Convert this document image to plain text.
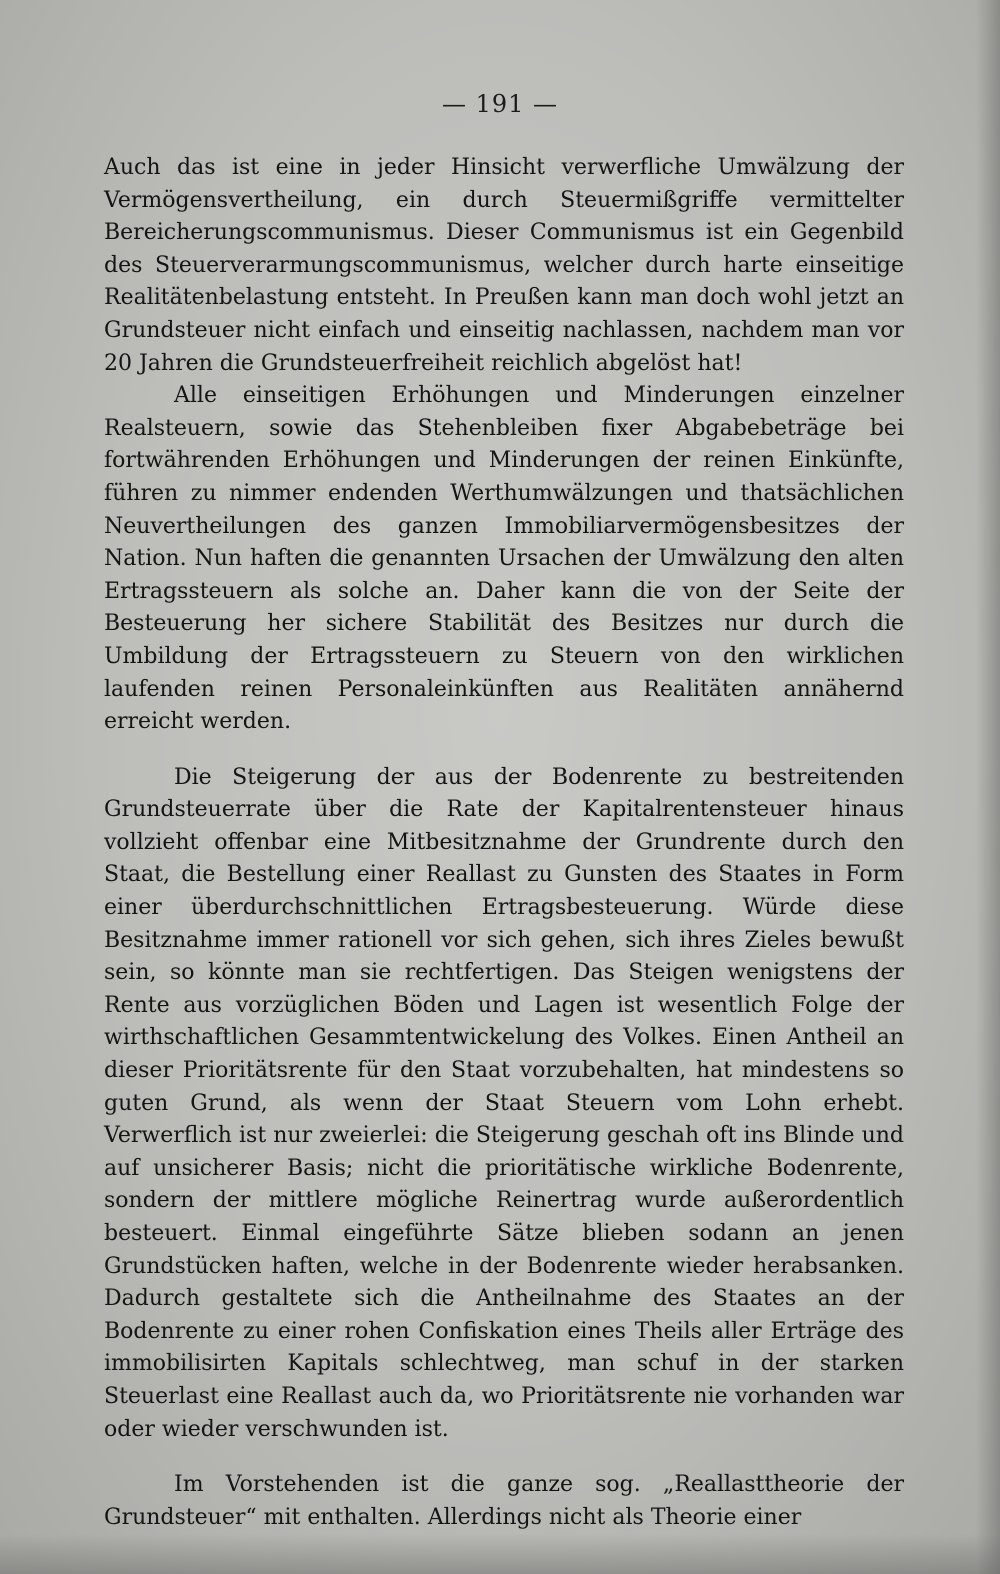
— 191 —

Auch das ist eine in jeder Hinsicht verwerfliche Umwälzung der Vermögensvertheilung, ein durch Steuermißgriffe vermittelter Bereicherungscommunismus. Dieser Communismus ist ein Gegenbild des Steuerverarmungscommunismus, welcher durch harte einseitige Realitätenbelastung entsteht. In Preußen kann man doch wohl jetzt an Grundsteuer nicht einfach und einseitig nachlassen, nachdem man vor 20 Jahren die Grundsteuerfreiheit reichlich abgelöst hat!

Alle einseitigen Erhöhungen und Minderungen einzelner Realsteuern, sowie das Stehenbleiben fixer Abgabebeträge bei fortwährenden Erhöhungen und Minderungen der reinen Einkünfte, führen zu nimmer endenden Werthumwälzungen und thatsächlichen Neuvertheilungen des ganzen Immobiliarvermögensbesitzes der Nation. Nun haften die genannten Ursachen der Umwälzung den alten Ertragssteuern als solche an. Daher kann die von der Seite der Besteuerung her sichere Stabilität des Besitzes nur durch die Umbildung der Ertragssteuern zu Steuern von den wirklichen laufenden reinen Personaleinkünften aus Realitäten annähernd erreicht werden.

Die Steigerung der aus der Bodenrente zu bestreitenden Grundsteuerrate über die Rate der Kapitalrentensteuer hinaus vollzieht offenbar eine Mitbesitznahme der Grundrente durch den Staat, die Bestellung einer Reallast zu Gunsten des Staates in Form einer überdurchschnittlichen Ertragsbesteuerung. Würde diese Besitznahme immer rationell vor sich gehen, sich ihres Zieles bewußt sein, so könnte man sie rechtfertigen. Das Steigen wenigstens der Rente aus vorzüglichen Böden und Lagen ist wesentlich Folge der wirthschaftlichen Gesammtentwickelung des Volkes. Einen Antheil an dieser Prioritätsrente für den Staat vorzubehalten, hat mindestens so guten Grund, als wenn der Staat Steuern vom Lohn erhebt. Verwerflich ist nur zweierlei: die Steigerung geschah oft ins Blinde und auf unsicherer Basis; nicht die prioritätische wirkliche Bodenrente, sondern der mittlere mögliche Reinertrag wurde außerordentlich besteuert. Einmal eingeführte Sätze blieben sodann an jenen Grundstücken haften, welche in der Bodenrente wieder herabsanken. Dadurch gestaltete sich die Antheilnahme des Staates an der Bodenrente zu einer rohen Confiskation eines Theils aller Erträge des immobilisirten Kapitals schlechtweg, man schuf in der starken Steuerlast eine Reallast auch da, wo Prioritätsrente nie vorhanden war oder wieder verschwunden ist.

Im Vorstehenden ist die ganze sog. „Reallasttheorie der Grundsteuer“ mit enthalten. Allerdings nicht als Theorie einer
